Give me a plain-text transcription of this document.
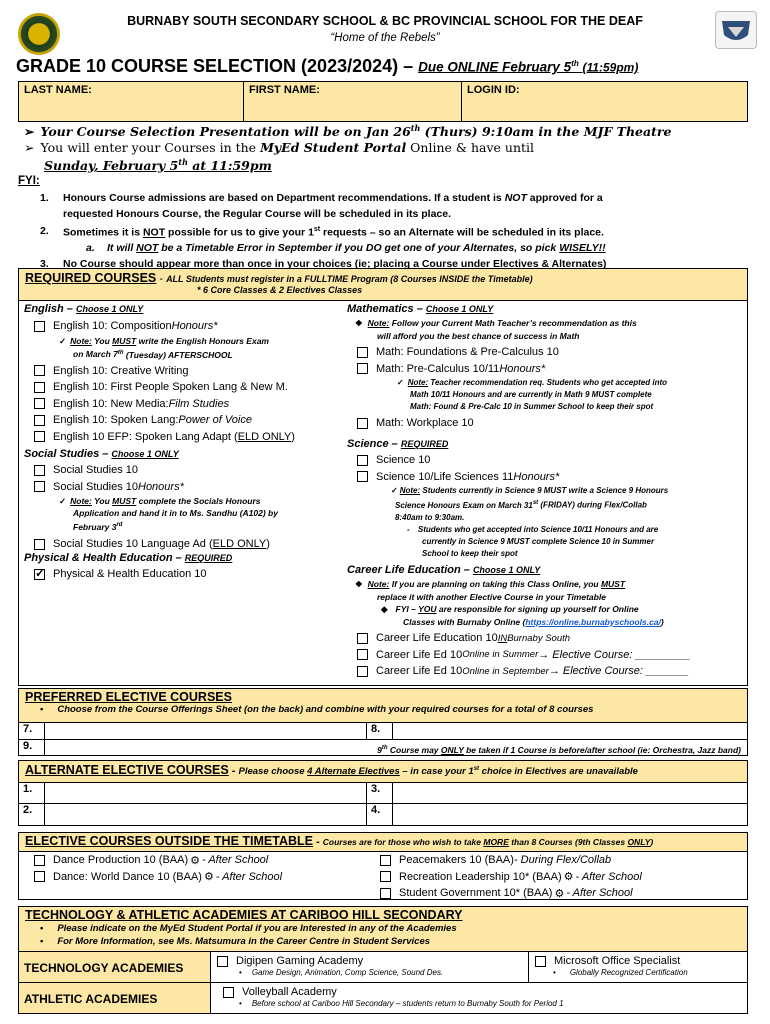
BURNABY SOUTH SECONDARY SCHOOL & BC PROVINCIAL SCHOOL FOR THE DEAF
“Home of the Rebels”
GRADE 10 COURSE SELECTION (2023/2024) – Due ONLINE February 5th (11:59pm)
LAST NAME:	FIRST NAME:	LOGIN ID:
➢ Your Course Selection Presentation will be on Jan 26th (Thurs) 9:10am in the MJF Theatre
➢ You will enter your Courses in the MyEd Student Portal Online & have until
Sunday, February 5th at 11:59pm
FYI:
1.	Honours Course admissions are based on Department recommendations. If a student is NOT approved for a
requested Honours Course, the Regular Course will be scheduled in its place.
2.	Sometimes it is NOT possible for us to give your 1st requests – so an Alternate will be scheduled in its place.
a.	It will NOT be a Timetable Error in September if you DO get one of your Alternates, so pick WISELY!!
3.	No Course should appear more than once in your choices (ie; placing a Course under Electives & Alternates)
REQUIRED COURSES - ALL Students must register in a FULLTIME Program (8 Courses INSIDE the Timetable)
* 6 Core Classes & 2 Electives Classes
English – Choose 1 ONLY
English 10: Composition Honours*
✓ Note: You MUST write the English Honours Exam
on March 7th (Tuesday) AFTERSCHOOL
English 10: Creative Writing
English 10: First People Spoken Lang & New M.
English 10: New Media: Film Studies
English 10: Spoken Lang: Power of Voice
English 10 EFP: Spoken Lang Adapt ( ELD ONLY )
Social Studies – Choose 1 ONLY
Social Studies 10
Social Studies 10 Honours*
✓ Note: You MUST complete the Socials Honours
Application and hand it in to Ms. Sandhu (A102) by
February 3rd
Social Studies 10 Language Ad ( ELD ONLY )
Physical & Health Education – REQUIRED
✓
Physical & Health Education 10
Mathematics – Choose 1 ONLY
❖ Note: Follow your Current Math Teacher’s recommendation as this
will afford you the best chance of success in Math
Math: Foundations & Pre-Calculus 10
Math: Pre-Calculus 10/11 Honours*
✓ Note: Teacher recommendation req. Students who get accepted into
Math 10/11 Honours and are currently in Math 9 MUST complete
Math: Found & Pre-Calc 10 in Summer School to keep their spot
Math: Workplace 10
Science – REQUIRED
Science 10
Science 10/Life Sciences 11 Honours*
✓ Note: Students currently in Science 9 MUST write a Science 9 Honours
Science Honours Exam on March 31st (FRIDAY) during Flex/Collab
8:40am to 9:30am.
- Students who get accepted into Science 10/11 Honours and are
currently in Science 9 MUST complete Science 10 in Summer
School to keep their spot
Career Life Education – Choose 1 ONLY
❖ Note: If you are planning on taking this Class Online, you MUST
replace it with another Elective Course in your Timetable
◆ FYI – YOU are responsible for signing up yourself for Online
Classes with Burnaby Online (https://online.burnabyschools.ca/)
Career Life Education 10 IN Burnaby South
Career Life Ed 10 Online in Summer → Elective Course: _________
Career Life Ed 10 Online in September → Elective Course: _______
PREFERRED ELECTIVE COURSES
• Choose from the Course Offerings Sheet (on the back) and combine with your required courses for a total of 8 courses
7.	8.
9.	9th Course may ONLY be taken if 1 Course is before/after school (ie: Orchestra, Jazz band)
ALTERNATE ELECTIVE COURSES - Please choose 4 Alternate Electives – in case your 1st choice in Electives are unavailable
1.	3.
2.	4.
ELECTIVE COURSES OUTSIDE THE TIMETABLE - Courses are for those who wish to take MORE than 8 Courses (9th Classes ONLY)
Dance Production 10 (BAA) ⚙ - After School
Dance: World Dance 10 (BAA) ⚙ - After School
Peacemakers 10 (BAA) - During Flex/Collab
Recreation Leadership 10* (BAA) ⚙ - After School
Student Government 10* (BAA) ⚙ - After School
TECHNOLOGY & ATHLETIC ACADEMIES AT CARIBOO HILL SECONDARY
• Please indicate on the MyEd Student Portal if you are Interested in any of the Academies
• For More Information, see Ms. Matsumura in the Career Centre in Student Services
TECHNOLOGY ACADEMIES	Digipen Gaming Academy
• Game Design, Animation, Comp Science, Sound Des.
Microsoft Office Specialist
• Globally Recognized Certification
ATHLETIC ACADEMIES	Volleyball Academy
• Before school at Cariboo Hill Secondary – students return to Burnaby South for Period 1
